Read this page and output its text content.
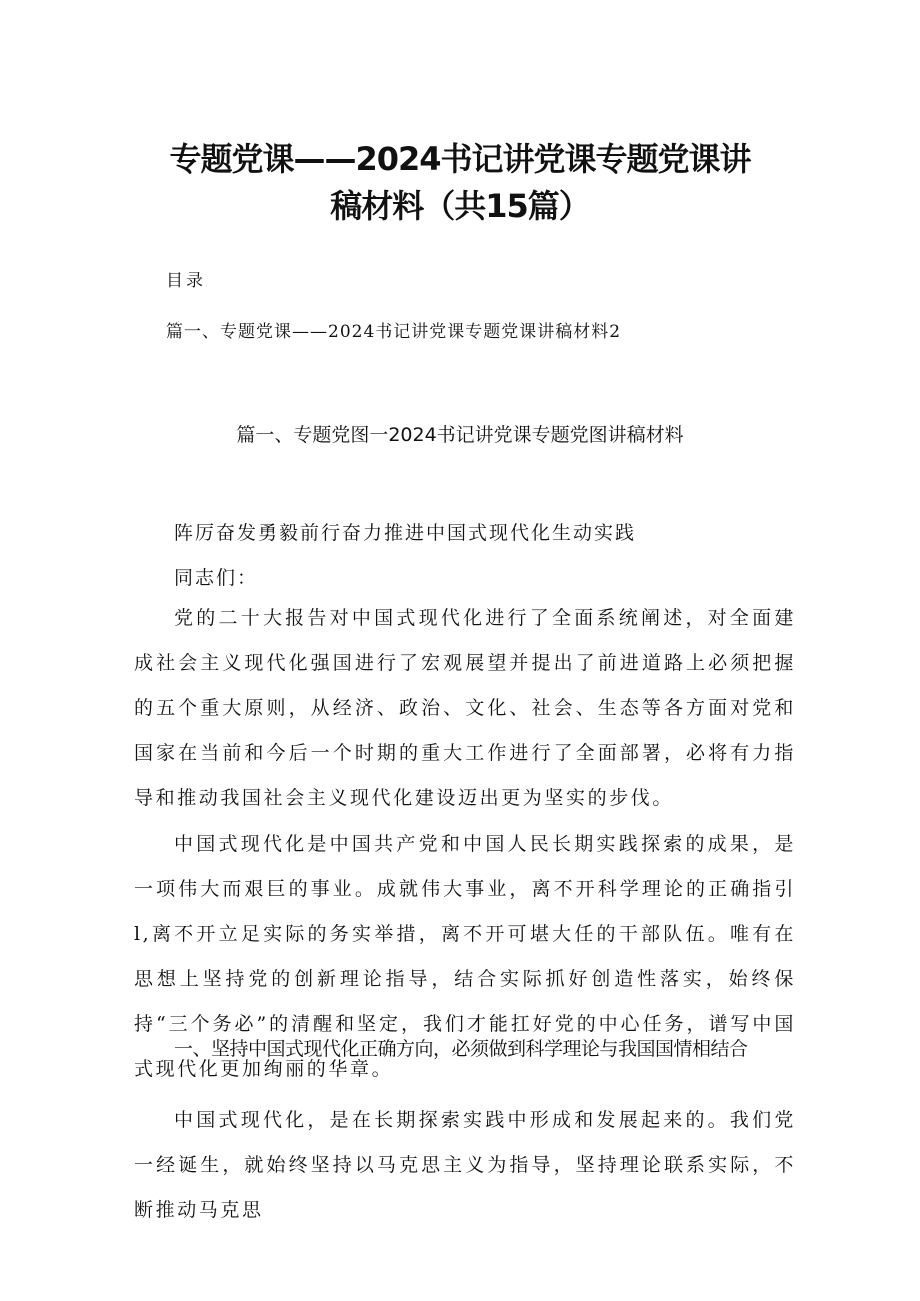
专题党课——2024书记讲党课专题党课讲
稿材料（共15篇）
目录
篇一、专题党课——2024书记讲党课专题党课讲稿材料2
篇一、专题党图一2024书记讲党课专题党图讲稿材料
阵厉奋发勇毅前行奋力推进中国式现代化生动实践
同志们：

党的二十大报告对中国式现代化进行了全面系统阐述，对全面建成社会主义现代化强国进行了宏观展望并提出了前进道路上必须把握的五个重大原则，从经济、政治、文化、社会、生态等各方面对党和国家在当前和今后一个时期的重大工作进行了全面部署，必将有力指导和推动我国社会主义现代化建设迈出更为坚实的步伐。

中国式现代化是中国共产党和中国人民长期实践探索的成果，是一项伟大而艰巨的事业。成就伟大事业，离不开科学理论的正确指引l,离不开立足实际的务实举措，离不开可堪大任的干部队伍。唯有在思想上坚持党的创新理论指导，结合实际抓好创造性落实，始终保持“三个务必”的清醒和坚定，我们才能扛好党的中心任务，谱写中国式现代化更加绚丽的华章。

一、坚持中国式现代化正确方向，必须做到科学理论与我国国情相结合

中国式现代化，是在长期探索实践中形成和发展起来的。我们党一经诞生，就始终坚持以马克思主义为指导，坚持理论联系实际，不断推动马克思
